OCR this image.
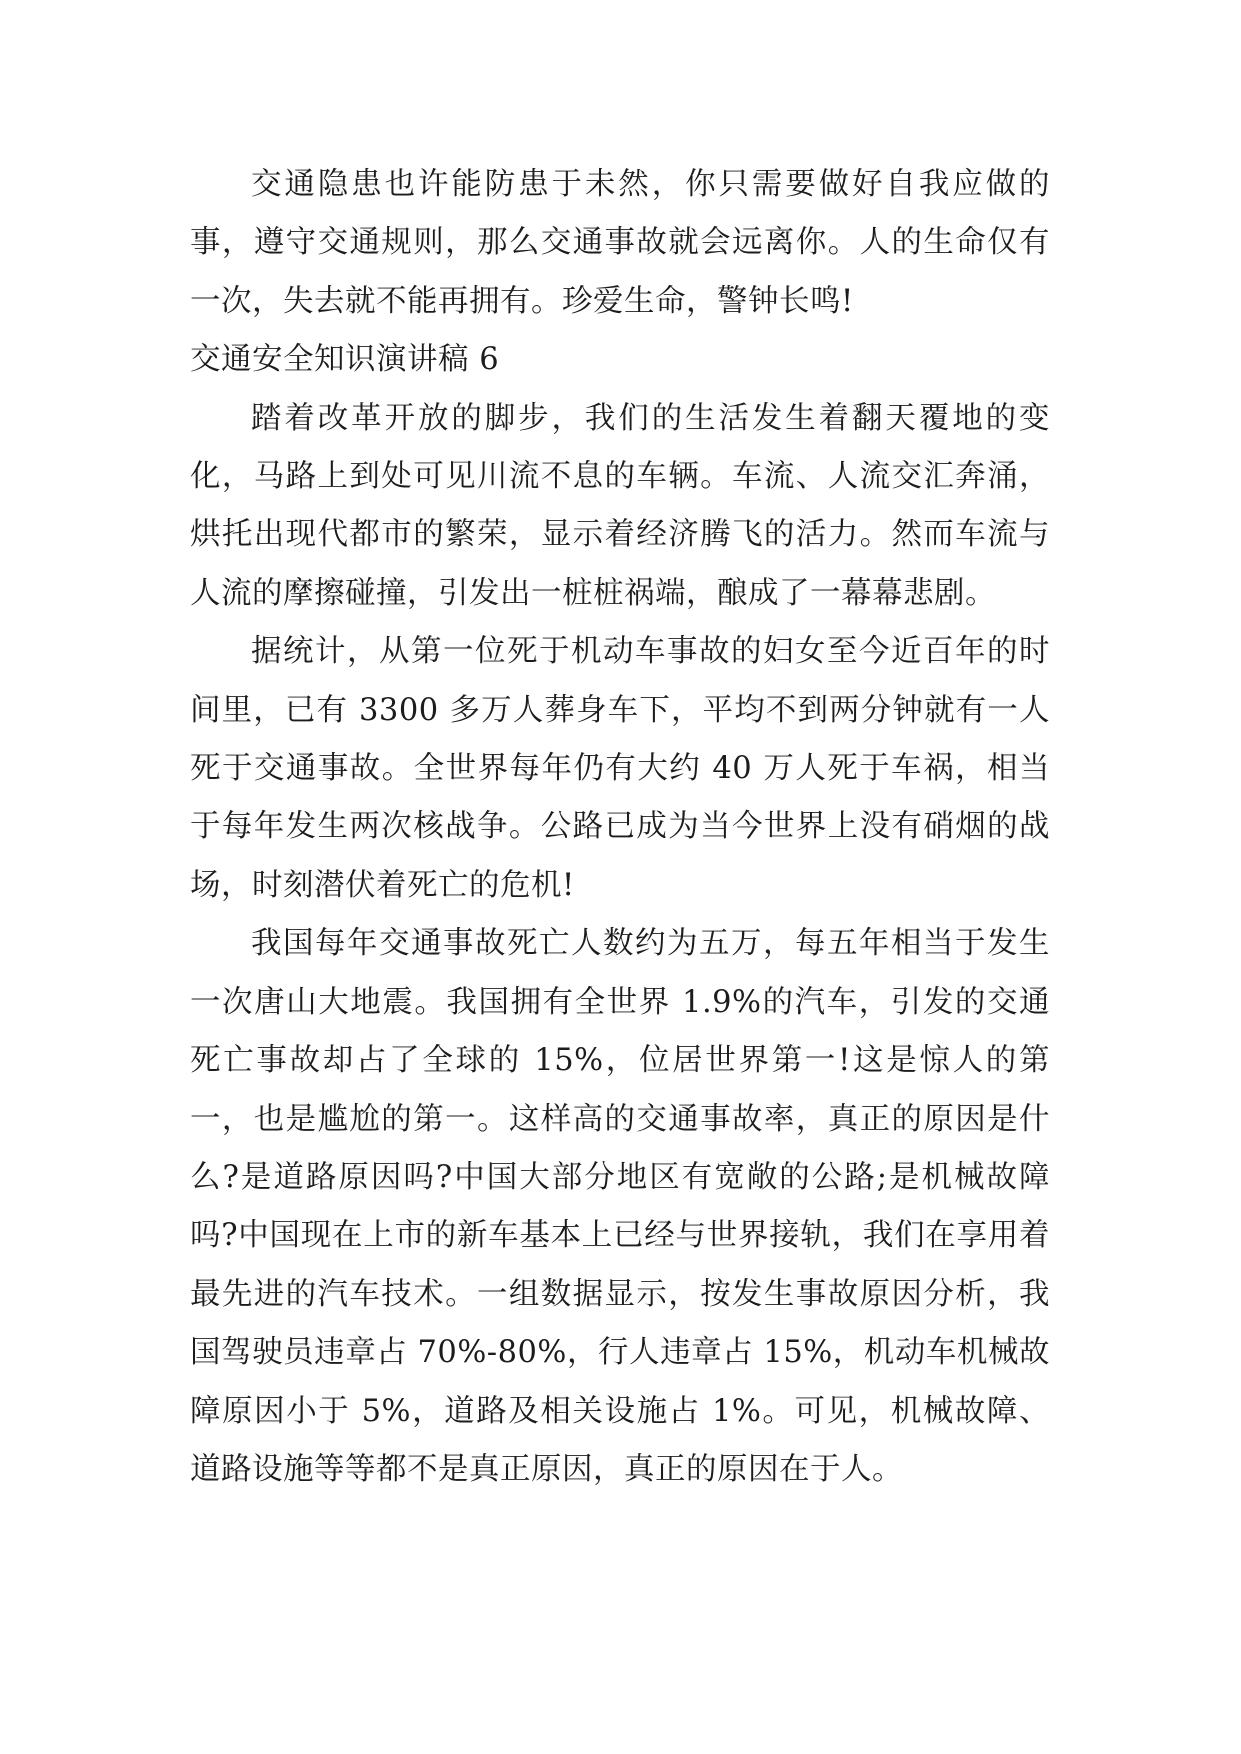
交通隐患也许能防患于未然，你只需要做好自我应做的事，遵守交通规则，那么交通事故就会远离你。人的生命仅有一次，失去就不能再拥有。珍爱生命，警钟长鸣!

交通安全知识演讲稿 6

踏着改革开放的脚步，我们的生活发生着翻天覆地的变化，马路上到处可见川流不息的车辆。车流、人流交汇奔涌，烘托出现代都市的繁荣，显示着经济腾飞的活力。然而车流与人流的摩擦碰撞，引发出一桩桩祸端，酿成了一幕幕悲剧。

据统计，从第一位死于机动车事故的妇女至今近百年的时间里，已有 3300 多万人葬身车下，平均不到两分钟就有一人死于交通事故。全世界每年仍有大约 40 万人死于车祸，相当于每年发生两次核战争。公路已成为当今世界上没有硝烟的战场，时刻潜伏着死亡的危机!

我国每年交通事故死亡人数约为五万，每五年相当于发生一次唐山大地震。我国拥有全世界 1.9%的汽车，引发的交通死亡事故却占了全球的 15%，位居世界第一!这是惊人的第一，也是尴尬的第一。这样高的交通事故率，真正的原因是什么?是道路原因吗?中国大部分地区有宽敞的公路;是机械故障吗?中国现在上市的新车基本上已经与世界接轨，我们在享用着最先进的汽车技术。一组数据显示，按发生事故原因分析，我国驾驶员违章占 70%-80%，行人违章占 15%，机动车机械故障原因小于 5%，道路及相关设施占 1%。可见，机械故障、道路设施等等都不是真正原因，真正的原因在于人。
